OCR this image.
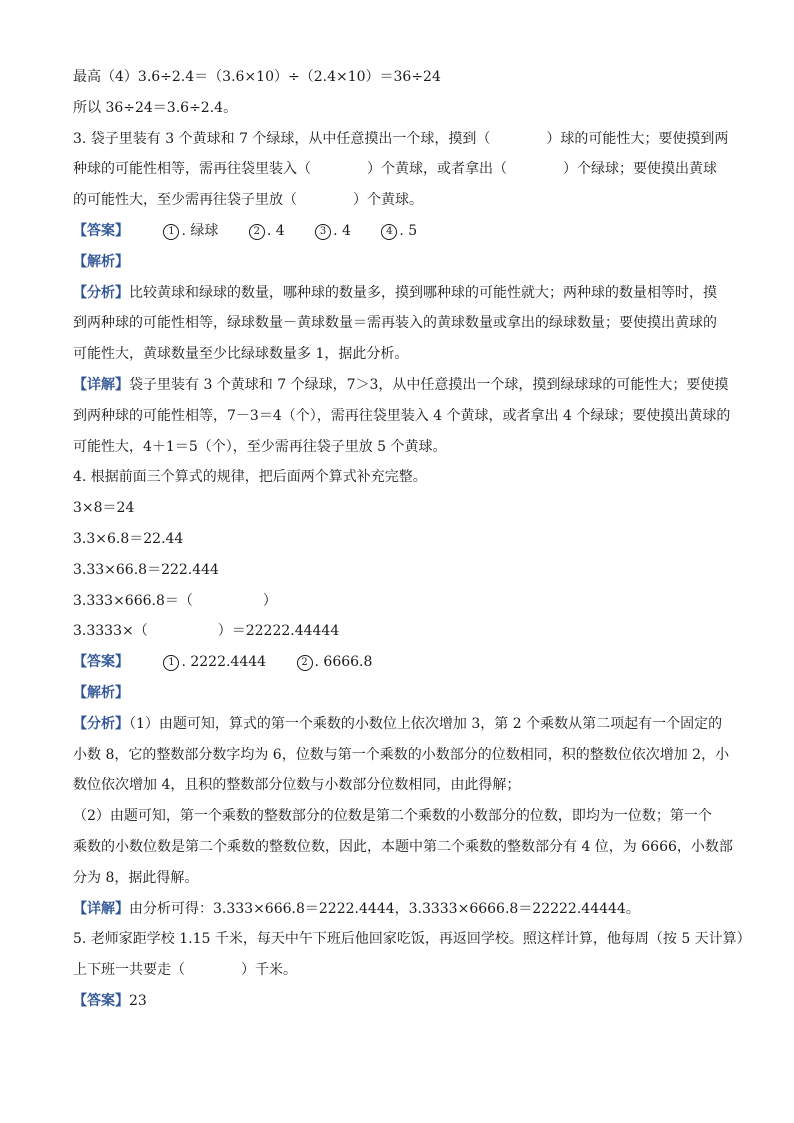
最高（4）3.6÷2.4＝（3.6×10）÷（2.4×10）＝36÷24
所以 36÷24＝3.6÷2.4。
3. 袋子里装有 3 个黄球和 7 个绿球，从中任意摸出一个球，摸到（　　　　）球的可能性大；要使摸到两
种球的可能性相等，需再往袋里装入（　　　　）个黄球，或者拿出（　　　　）个绿球；要使摸出黄球
的可能性大，至少需再往袋子里放（　　　　）个黄球。
【答案】	1 . 绿球	2 . 4	3 . 4	4 . 5
【解析】
【分析】比较黄球和绿球的数量，哪种球的数量多，摸到哪种球的可能性就大；两种球的数量相等时，摸
到两种球的可能性相等，绿球数量－黄球数量＝需再装入的黄球数量或拿出的绿球数量；要使摸出黄球的
可能性大，黄球数量至少比绿球数量多 1，据此分析。
【详解】袋子里装有 3 个黄球和 7 个绿球，7＞3，从中任意摸出一个球，摸到绿球球的可能性大；要使摸
到两种球的可能性相等，7－3＝4（个），需再往袋里装入 4 个黄球，或者拿出 4 个绿球；要使摸出黄球的
可能性大，4＋1＝5（个），至少需再往袋子里放 5 个黄球。
4. 根据前面三个算式的规律，把后面两个算式补充完整。
3×8＝24
3.3×6.8＝22.44
3.33×66.8＝222.444
3.333×666.8＝（　　　　　）
3.3333×（　　　　　）＝22222.44444
【答案】	1 . 2222.4444	2 . 6666.8
【解析】
【分析】（1）由题可知，算式的第一个乘数的小数位上依次增加 3，第 2 个乘数从第二项起有一个固定的
小数 8，它的整数部分数字均为 6，位数与第一个乘数的小数部分的位数相同，积的整数位依次增加 2，小
数位依次增加 4，且积的整数部分位数与小数部分位数相同，由此得解；
（2）由题可知，第一个乘数的整数部分的位数是第二个乘数的小数部分的位数，即均为一位数；第一个
乘数的小数位数是第二个乘数的整数位数，因此，本题中第二个乘数的整数部分有 4 位，为 6666，小数部
分为 8，据此得解。
【详解】由分析可得：3.333×666.8＝2222.4444，3.3333×6666.8＝22222.44444。
5. 老师家距学校 1.15 千米，每天中午下班后他回家吃饭，再返回学校。照这样计算，他每周（按 5 天计算）
上下班一共要走（　　　　）千米。
【答案】23
